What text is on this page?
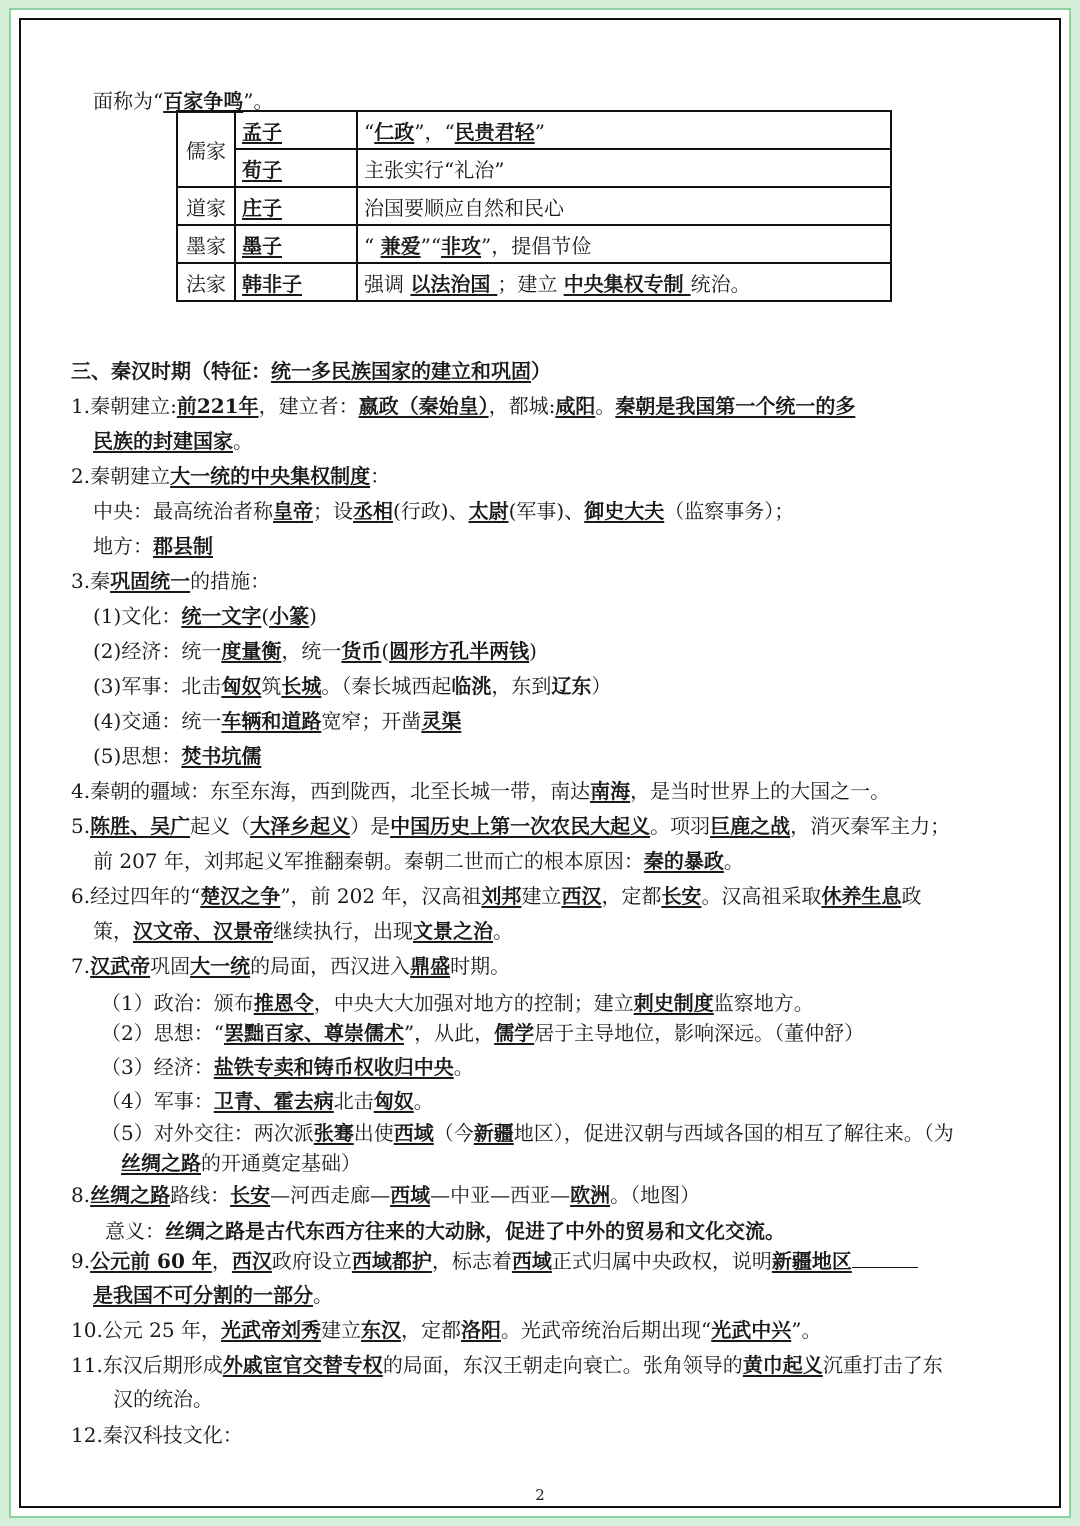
面称为“百家争鸣”。
儒家	孟子	“仁政”，“民贵君轻”
	荀子	主张实行“礼治”
道家	庄子	治国要顺应自然和民心
墨家	墨子	“ 兼爱”“非攻”，提倡节俭
法家	韩非子	强调 以法治国 ；建立 中央集权专制 统治。
三、秦汉时期（特征：统一多民族国家的建立和巩固）
1.秦朝建立:前221年，建立者：嬴政（秦始皇），都城:咸阳。秦朝是我国第一个统一的多
民族的封建国家。
2.秦朝建立大一统的中央集权制度：
中央：最高统治者称皇帝；设丞相(行政)、太尉(军事)、御史大夫（监察事务）；
地方：郡县制
3.秦巩固统一的措施：
(1)文化：统一文字(小篆)
(2)经济：统一度量衡，统一货币(圆形方孔半两钱)
(3)军事：北击匈奴筑长城。（秦长城西起临洮，东到辽东）
(4)交通：统一车辆和道路宽窄；开凿灵渠
(5)思想：焚书坑儒
4.秦朝的疆域：东至东海，西到陇西，北至长城一带，南达南海，是当时世界上的大国之一。
5.陈胜、吴广起义（大泽乡起义）是中国历史上第一次农民大起义。项羽巨鹿之战，消灭秦军主力；
前 207 年，刘邦起义军推翻秦朝。秦朝二世而亡的根本原因：秦的暴政。
6.经过四年的“楚汉之争”，前 202 年，汉高祖刘邦建立西汉，定都长安。汉高祖采取休养生息政
策，汉文帝、汉景帝继续执行，出现文景之治。
7.汉武帝巩固大一统的局面，西汉进入鼎盛时期。
（1）政治：颁布推恩令，中央大大加强对地方的控制；建立刺史制度监察地方。
（2）思想：“罢黜百家、尊崇儒术”，从此，儒学居于主导地位，影响深远。（董仲舒）
（3）经济：盐铁专卖和铸币权收归中央。
（4）军事：卫青、霍去病北击匈奴。
（5）对外交往：两次派张骞出使西域（今新疆地区），促进汉朝与西域各国的相互了解往来。（为
丝绸之路的开通奠定基础）
8.丝绸之路路线：长安—河西走廊—西域—中亚—西亚—欧洲。（地图）
意义：丝绸之路是古代东西方往来的大动脉，促进了中外的贸易和文化交流。
9.公元前 60 年，西汉政府设立西域都护，标志着西域正式归属中央政权，说明新疆地区
是我国不可分割的一部分。
10.公元 25 年，光武帝刘秀建立东汉，定都洛阳。光武帝统治后期出现“光武中兴”。
11.东汉后期形成外戚宦官交替专权的局面，东汉王朝走向衰亡。张角领导的黄巾起义沉重打击了东
汉的统治。
12.秦汉科技文化：
2
